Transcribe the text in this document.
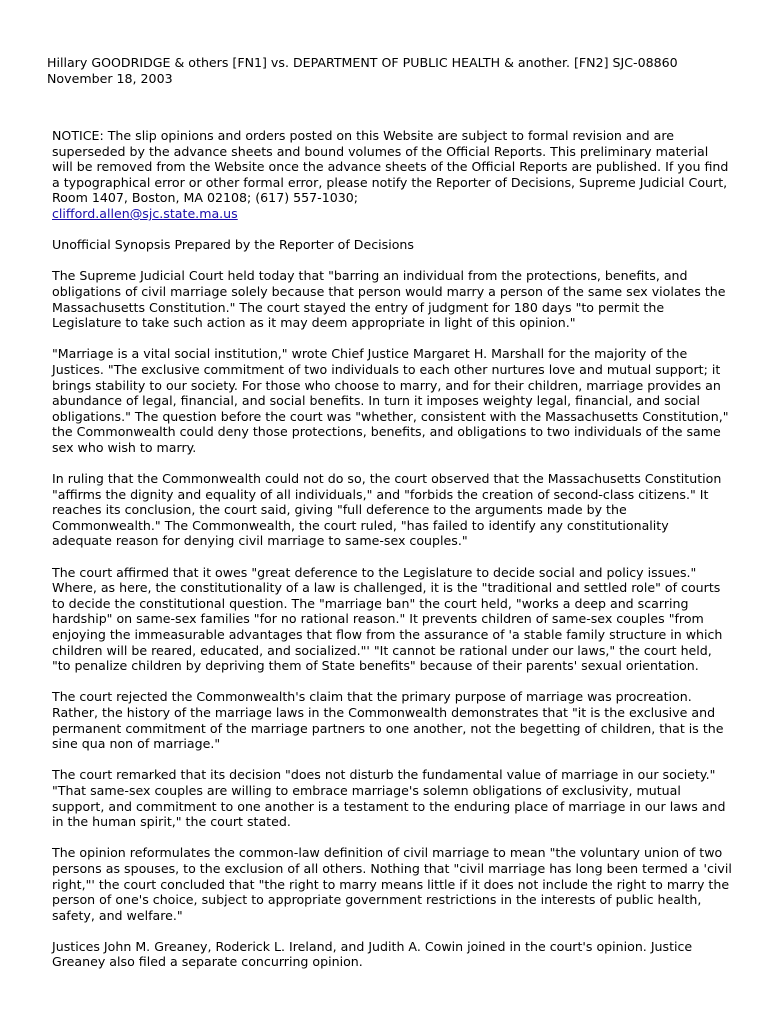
Hillary GOODRIDGE & others [FN1] vs. DEPARTMENT OF PUBLIC HEALTH & another. [FN2] SJC-08860
November 18, 2003

NOTICE: The slip opinions and orders posted on this Website are subject to formal revision and are superseded by the advance sheets and bound volumes of the Official Reports. This preliminary material will be removed from the Website once the advance sheets of the Official Reports are published. If you find a typographical error or other formal error, please notify the Reporter of Decisions, Supreme Judicial Court, Room 1407, Boston, MA 02108; (617) 557-1030;
clifford.allen@sjc.state.ma.us

Unofficial Synopsis Prepared by the Reporter of Decisions

The Supreme Judicial Court held today that "barring an individual from the protections, benefits, and obligations of civil marriage solely because that person would marry a person of the same sex violates the Massachusetts Constitution." The court stayed the entry of judgment for 180 days "to permit the Legislature to take such action as it may deem appropriate in light of this opinion."

"Marriage is a vital social institution," wrote Chief Justice Margaret H. Marshall for the majority of the Justices. "The exclusive commitment of two individuals to each other nurtures love and mutual support; it brings stability to our society. For those who choose to marry, and for their children, marriage provides an abundance of legal, financial, and social benefits. In turn it imposes weighty legal, financial, and social obligations." The question before the court was "whether, consistent with the Massachusetts Constitution," the Commonwealth could deny those protections, benefits, and obligations to two individuals of the same sex who wish to marry.

In ruling that the Commonwealth could not do so, the court observed that the Massachusetts Constitution "affirms the dignity and equality of all individuals," and "forbids the creation of second-class citizens." It reaches its conclusion, the court said, giving "full deference to the arguments made by the Commonwealth." The Commonwealth, the court ruled, "has failed to identify any constitutionality adequate reason for denying civil marriage to same-sex couples."

The court affirmed that it owes "great deference to the Legislature to decide social and policy issues." Where, as here, the constitutionality of a law is challenged, it is the "traditional and settled role" of courts to decide the constitutional question. The "marriage ban" the court held, "works a deep and scarring hardship" on same-sex families "for no rational reason." It prevents children of same-sex couples "from enjoying the immeasurable advantages that flow from the assurance of 'a stable family structure in which children will be reared, educated, and socialized."' "It cannot be rational under our laws," the court held, "to penalize children by depriving them of State benefits" because of their parents' sexual orientation.

The court rejected the Commonwealth's claim that the primary purpose of marriage was procreation. Rather, the history of the marriage laws in the Commonwealth demonstrates that "it is the exclusive and permanent commitment of the marriage partners to one another, not the begetting of children, that is the sine qua non of marriage."

The court remarked that its decision "does not disturb the fundamental value of marriage in our society." "That same-sex couples are willing to embrace marriage's solemn obligations of exclusivity, mutual support, and commitment to one another is a testament to the enduring place of marriage in our laws and in the human spirit," the court stated.

The opinion reformulates the common-law definition of civil marriage to mean "the voluntary union of two persons as spouses, to the exclusion of all others. Nothing that "civil marriage has long been termed a 'civil right,"' the court concluded that "the right to marry means little if it does not include the right to marry the person of one's choice, subject to appropriate government restrictions in the interests of public health, safety, and welfare."

Justices John M. Greaney, Roderick L. Ireland, and Judith A. Cowin joined in the court's opinion. Justice Greaney also filed a separate concurring opinion.
